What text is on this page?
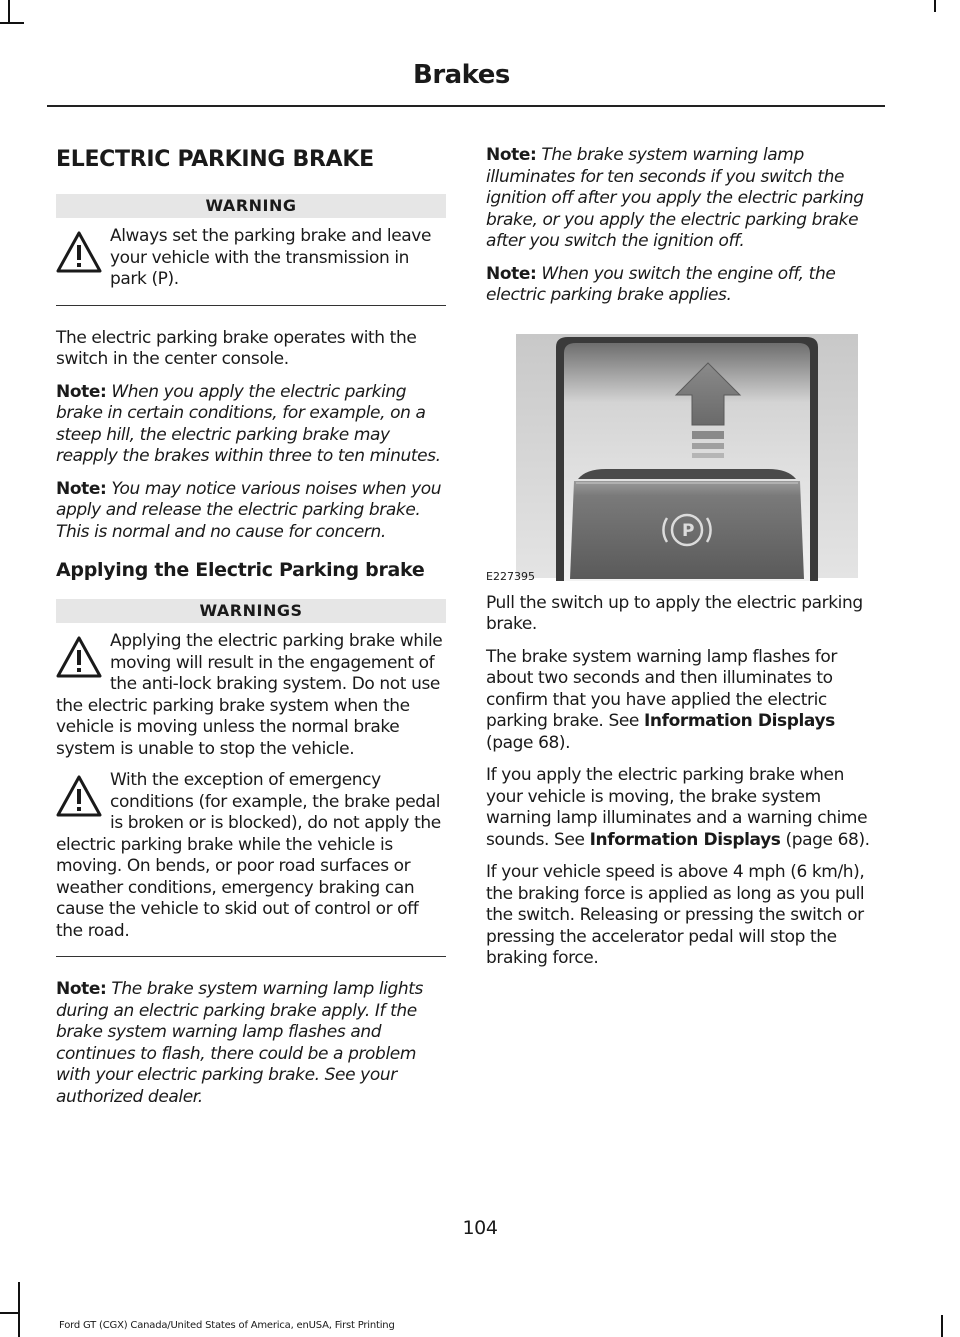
Brakes
ELECTRIC PARKING BRAKE
WARNING

Always set the parking brake and leave your vehicle with the transmission in park (P).

The electric parking brake operates with the switch in the center console.

Note: When you apply the electric parking brake in certain conditions, for example, on a steep hill, the electric parking brake may reapply the brakes within three to ten minutes.

Note: You may notice various noises when you apply and release the electric parking brake. This is normal and no cause for concern.

Applying the Electric Parking brake
WARNINGS

Applying the electric parking brake while moving will result in the engagement of the anti-lock braking system. Do not use the electric parking brake system when the vehicle is moving unless the normal brake system is unable to stop the vehicle.

With the exception of emergency conditions (for example, the brake pedal is broken or is blocked), do not apply the electric parking brake while the vehicle is moving. On bends, or poor road surfaces or weather conditions, emergency braking can cause the vehicle to skid out of control or off the road.

Note: The brake system warning lamp lights during an electric parking brake apply. If the brake system warning lamp flashes and continues to flash, there could be a problem with your electric parking brake. See your authorized dealer.

Note: The brake system warning lamp illuminates for ten seconds if you switch the ignition off after you apply the electric parking brake, or you apply the electric parking brake after you switch the ignition off.

Note: When you switch the engine off, the electric parking brake applies.

P
E227395

Pull the switch up to apply the electric parking brake.

The brake system warning lamp flashes for about two seconds and then illuminates to confirm that you have applied the electric parking brake. See Information Displays (page 68).

If you apply the electric parking brake when your vehicle is moving, the brake system warning lamp illuminates and a warning chime sounds. See Information Displays (page 68).

If your vehicle speed is above 4 mph (6 km/h), the braking force is applied as long as you pull the switch. Releasing or pressing the switch or pressing the accelerator pedal will stop the braking force.

104

Ford GT (CGX) Canada/United States of America, enUSA, First Printing
